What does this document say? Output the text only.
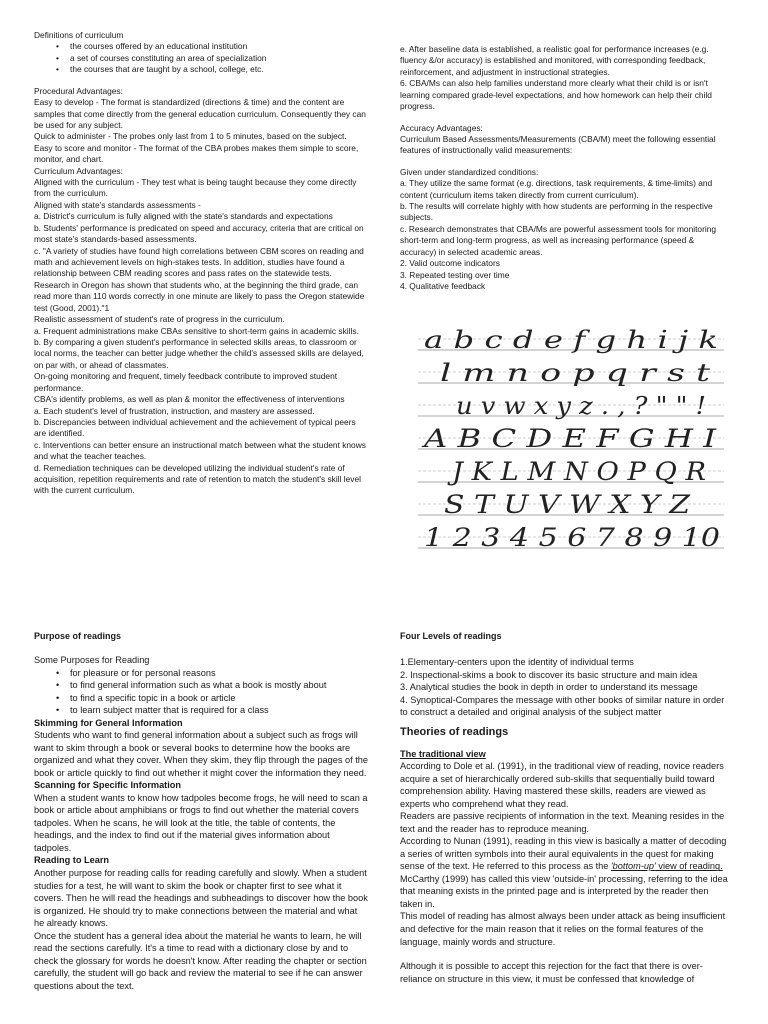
Definitions of curriculum

• the courses offered by an educational institution

• a set of courses constituting an area of specialization

• the courses that are taught by a school, college, etc.

Procedural Advantages:

Easy to develop - The format is standardized (directions & time) and the content are samples that come directly from the general education curriculum. Consequently they can be used for any subject.

Quick to administer - The probes only last from 1 to 5 minutes, based on the subject.

Easy to score and monitor - The format of the CBA probes makes them simple to score, monitor, and chart.

Curriculum Advantages:

Aligned with the curriculum - They test what is being taught because they come directly from the curriculum.

Aligned with state's standards assessments -

a. District's curriculum is fully aligned with the state's standards and expectations

b. Students' performance is predicated on speed and accuracy, criteria that are critical on most state's standards-based assessments.

c. "A variety of studies have found high correlations between CBM scores on reading and math and achievement levels on high-stakes tests. In addition, studies have found a relationship between CBM reading scores and pass rates on the statewide tests. Research in Oregon has shown that students who, at the beginning the third grade, can read more than 110 words correctly in one minute are likely to pass the Oregon statewide test (Good, 2001)."1

Realistic assessment of student's rate of progress in the curriculum.

a. Frequent administrations make CBAs sensitive to short-term gains in academic skills.

b. By comparing a given student's performance in selected skills areas, to classroom or local norms, the teacher can better judge whether the child's assessed skills are delayed, on par with, or ahead of classmates.

On-going monitoring and frequent, timely feedback contribute to improved student performance.

CBA's identify problems, as well as plan & monitor the effectiveness of interventions

a. Each student's level of frustration, instruction, and mastery are assessed.

b. Discrepancies between individual achievement and the achievement of typical peers are identified.

c. Interventions can better ensure an instructional match between what the student knows and what the teacher teaches.

d. Remediation techniques can be developed utilizing the individual student's rate of acquisition, repetition requirements and rate of retention to match the student's skill level with the current curriculum.

e. After baseline data is established, a realistic goal for performance increases (e.g. fluency &/or accuracy) is established and monitored, with corresponding feedback, reinforcement, and adjustment in instructional strategies.

6. CBA/Ms can also help families understand more clearly what their child is or isn't learning compared grade-level expectations, and how homework can help their child progress.

Accuracy Advantages:

Curriculum Based Assessments/Measurements (CBA/M) meet the following essential features of instructionally valid measurements:

Given under standardized conditions:

a. They utilize the same format (e.g. directions, task requirements, & time-limits) and content (curriculum items taken directly from current curriculum).

b. The results will correlate highly with how students are performing in the respective subjects.

c. Research demonstrates that CBA/Ms are powerful assessment tools for monitoring short-term and long-term progress, as well as increasing performance (speed & accuracy) in selected academic areas.

2. Valid outcome indicators

3. Repeated testing over time

4. Qualitative feedback

a b c d e f g h i j k
l m n o p q r s t
u v w x y z . , ? " " !
A B C D E F G H I
J K L M N O P Q R
S T U V W X Y Z
1 2 3 4 5 6 7 8 9 10

Purpose of readings

Some Purposes for Reading

• for pleasure or for personal reasons

• to find general information such as what a book is mostly about

• to find a specific topic in a book or article

• to learn subject matter that is required for a class

Skimming for General Information

Students who want to find general information about a subject such as frogs will want to skim through a book or several books to determine how the books are organized and what they cover. When they skim, they flip through the pages of the book or article quickly to find out whether it might cover the information they need.

Scanning for Specific Information

When a student wants to know how tadpoles become frogs, he will need to scan a book or article about amphibians or frogs to find out whether the material covers tadpoles. When he scans, he will look at the title, the table of contents, the headings, and the index to find out if the material gives information about tadpoles.

Reading to Learn

Another purpose for reading calls for reading carefully and slowly. When a student studies for a test, he will want to skim the book or chapter first to see what it covers. Then he will read the headings and subheadings to discover how the book is organized. He should try to make connections between the material and what he already knows.

Once the student has a general idea about the material he wants to learn, he will read the sections carefully. It's a time to read with a dictionary close by and to check the glossary for words he doesn't know. After reading the chapter or section carefully, the student will go back and review the material to see if he can answer questions about the text.

Four Levels of readings

1.Elementary-centers upon the identity of individual terms

2. Inspectional-skims a book to discover its basic structure and main idea

3. Analytical studies the book in depth in order to understand its message

4. Synoptical-Compares the message with other books of similar nature in order to construct a detailed and original analysis of the subject matter

Theories of readings

The traditional view

According to Dole et al. (1991), in the traditional view of reading, novice readers acquire a set of hierarchically ordered sub-skills that sequentially build toward comprehension ability. Having mastered these skills, readers are viewed as experts who comprehend what they read.

Readers are passive recipients of information in the text. Meaning resides in the text and the reader has to reproduce meaning.

According to Nunan (1991), reading in this view is basically a matter of decoding a series of written symbols into their aural equivalents in the quest for making sense of the text. He referred to this process as the 'bottom-up' view of reading.

McCarthy (1999) has called this view 'outside-in' processing, referring to the idea that meaning exists in the printed page and is interpreted by the reader then taken in.

This model of reading has almost always been under attack as being insufficient and defective for the main reason that it relies on the formal features of the language, mainly words and structure.

Although it is possible to accept this rejection for the fact that there is over-reliance on structure in this view, it must be confessed that knowledge of
